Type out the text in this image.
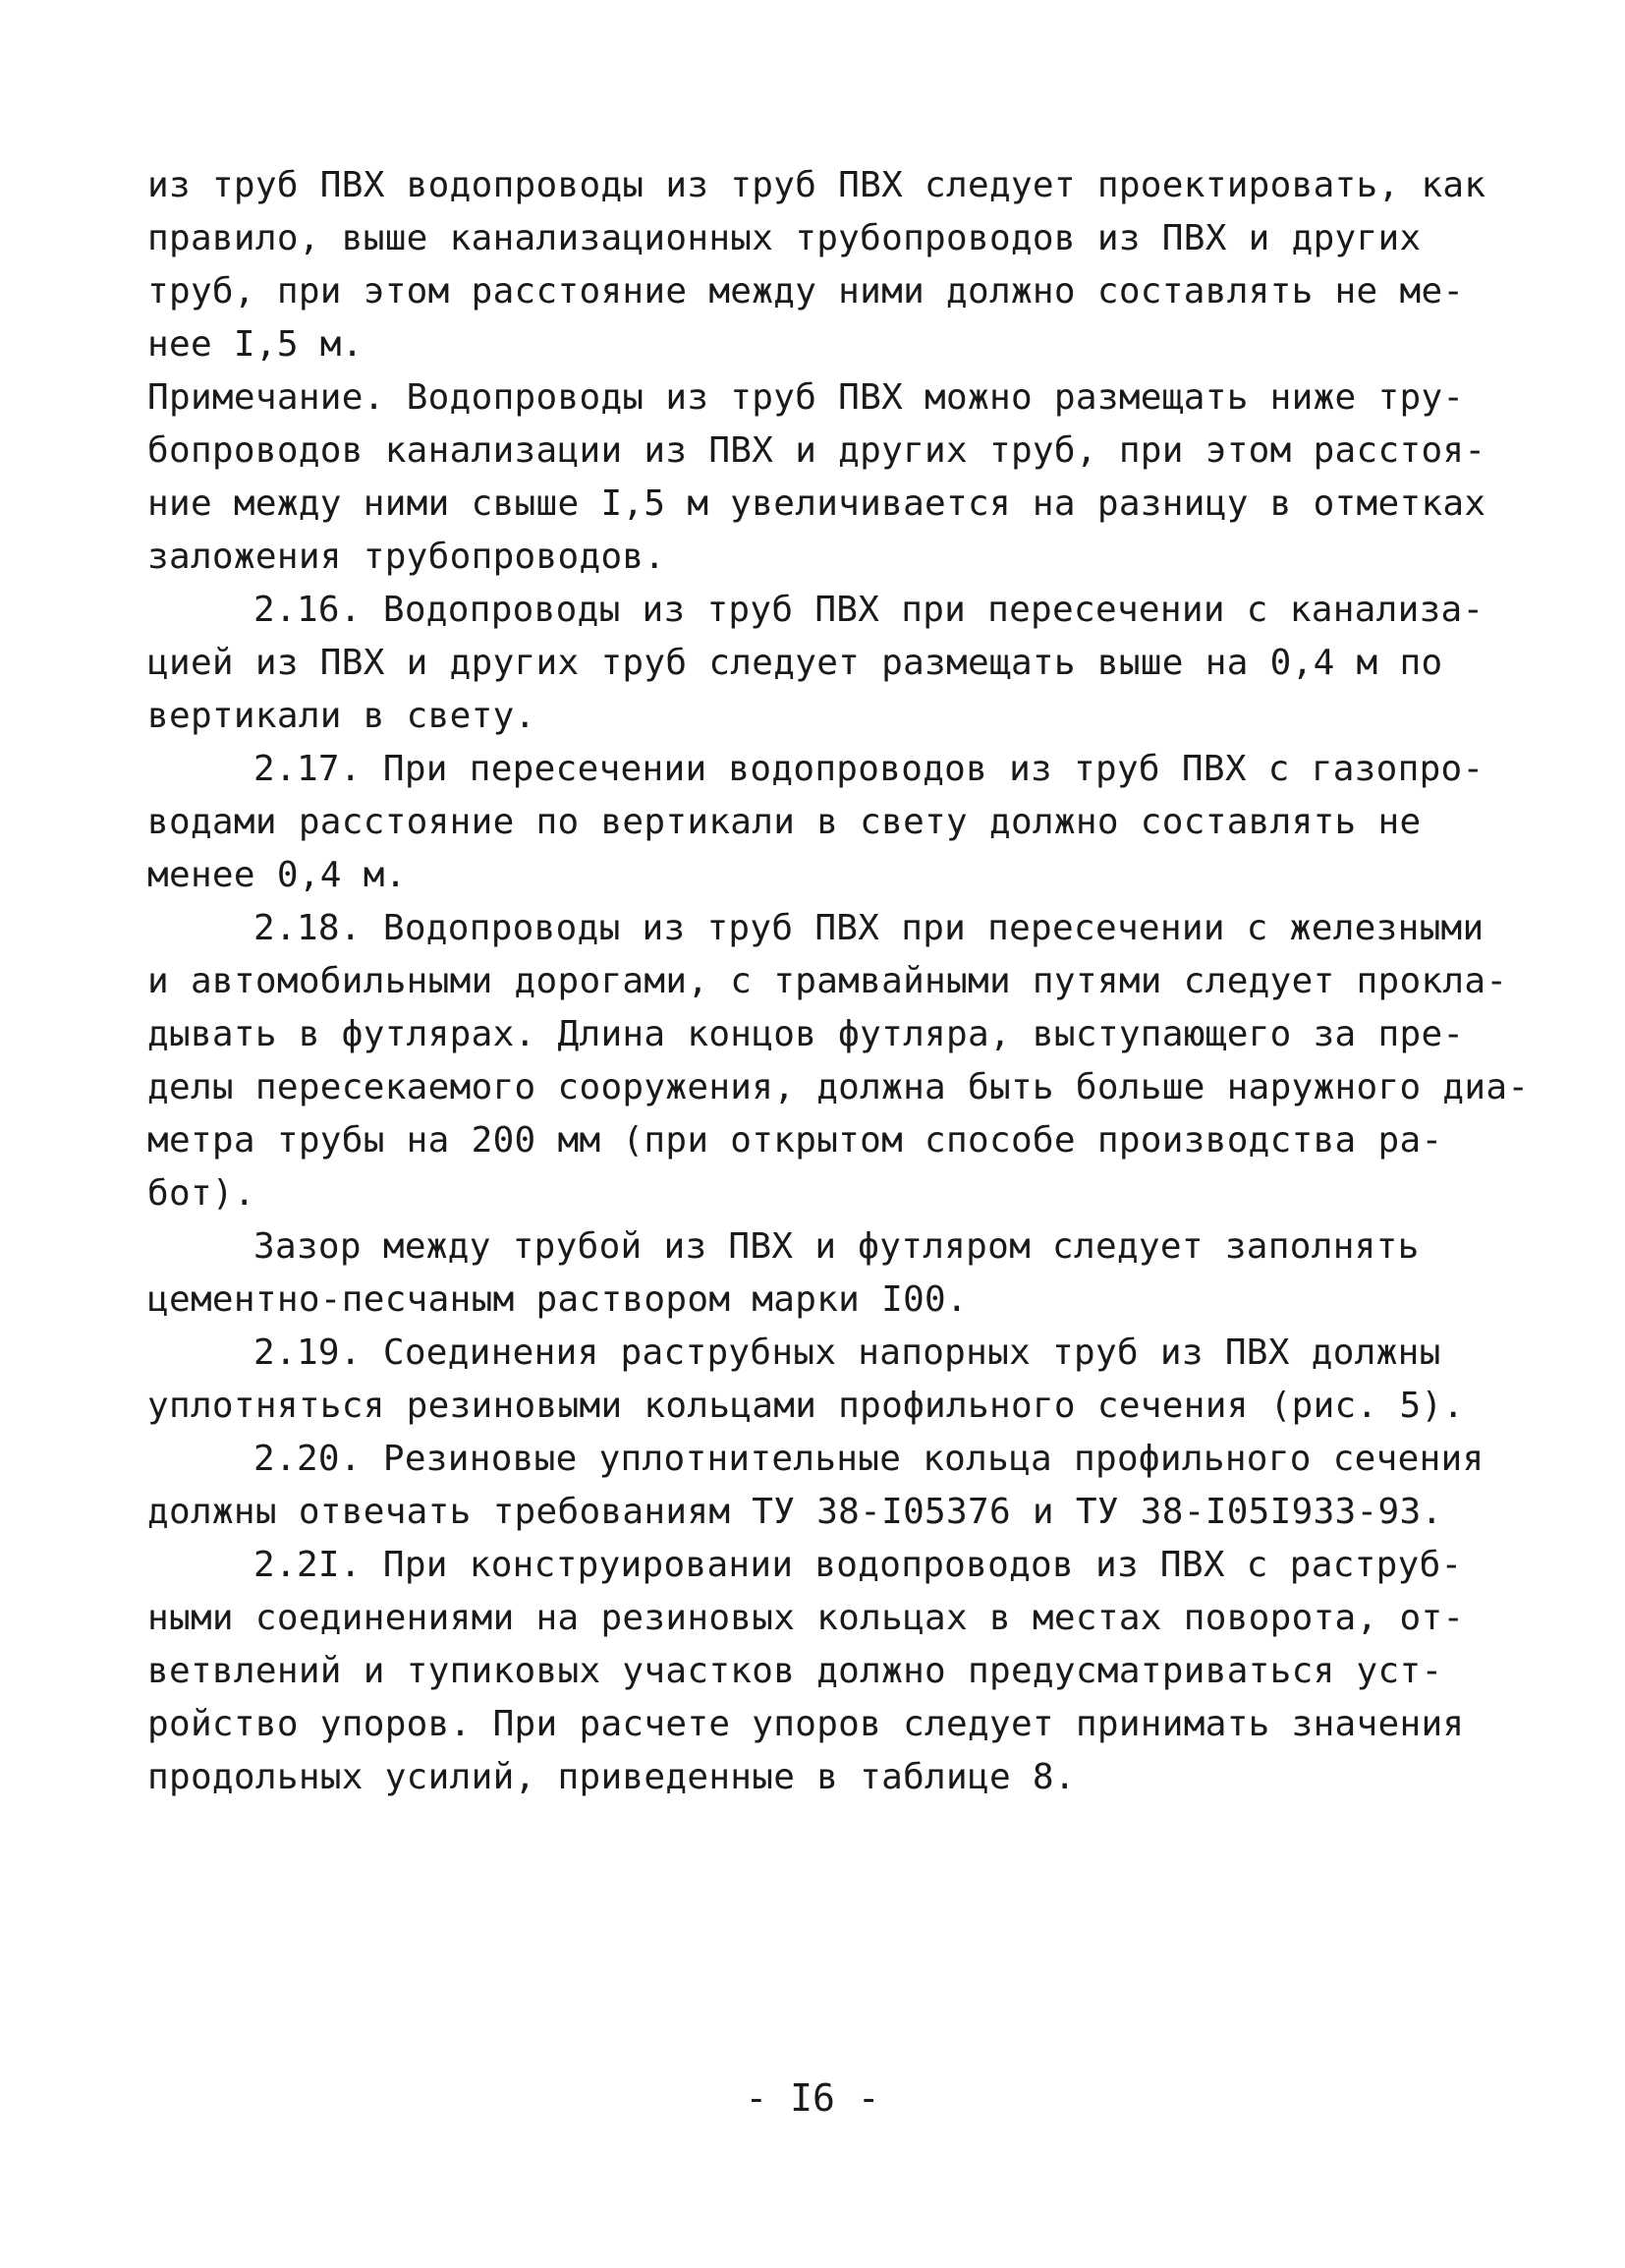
из труб ПВХ водопроводы из труб ПВХ следует проектировать, как
правило, выше канализационных трубопроводов из ПВХ и других
труб, при этом расстояние между ними должно составлять не ме-
нее I,5 м.
Примечание. Водопроводы из труб ПВХ можно размещать ниже тру-
бопроводов канализации из ПВХ и других труб, при этом расстоя-
ние между ними свыше I,5 м увеличивается на разницу в отметках
заложения трубопроводов.
2.16. Водопроводы из труб ПВХ при пересечении с канализа-
цией из ПВХ и других труб следует размещать выше на 0,4 м по
вертикали в свету.
2.17. При пересечении водопроводов из труб ПВХ с газопро-
водами расстояние по вертикали в свету должно составлять не
менее 0,4 м.
2.18. Водопроводы из труб ПВХ при пересечении с железными
и автомобильными дорогами, с трамвайными путями следует прокла-
дывать в футлярах. Длина концов футляра, выступающего за пре-
делы пересекаемого сооружения, должна быть больше наружного диа-
метра трубы на 200 мм (при открытом способе производства ра-
бот).
Зазор между трубой из ПВХ и футляром следует заполнять
цементно-песчаным раствором марки I00.
2.19. Соединения раструбных напорных труб из ПВХ должны
уплотняться резиновыми кольцами профильного сечения (рис. 5).
2.20. Резиновые уплотнительные кольца профильного сечения
должны отвечать требованиям ТУ 38-I05376 и ТУ 38-I05I933-93.
2.2I. При конструировании водопроводов из ПВХ с раструб-
ными соединениями на резиновых кольцах в местах поворота, от-
ветвлений и тупиковых участков должно предусматриваться уст-
ройство упоров. При расчете упоров следует принимать значения
продольных усилий, приведенные в таблице 8.
- I6 -
